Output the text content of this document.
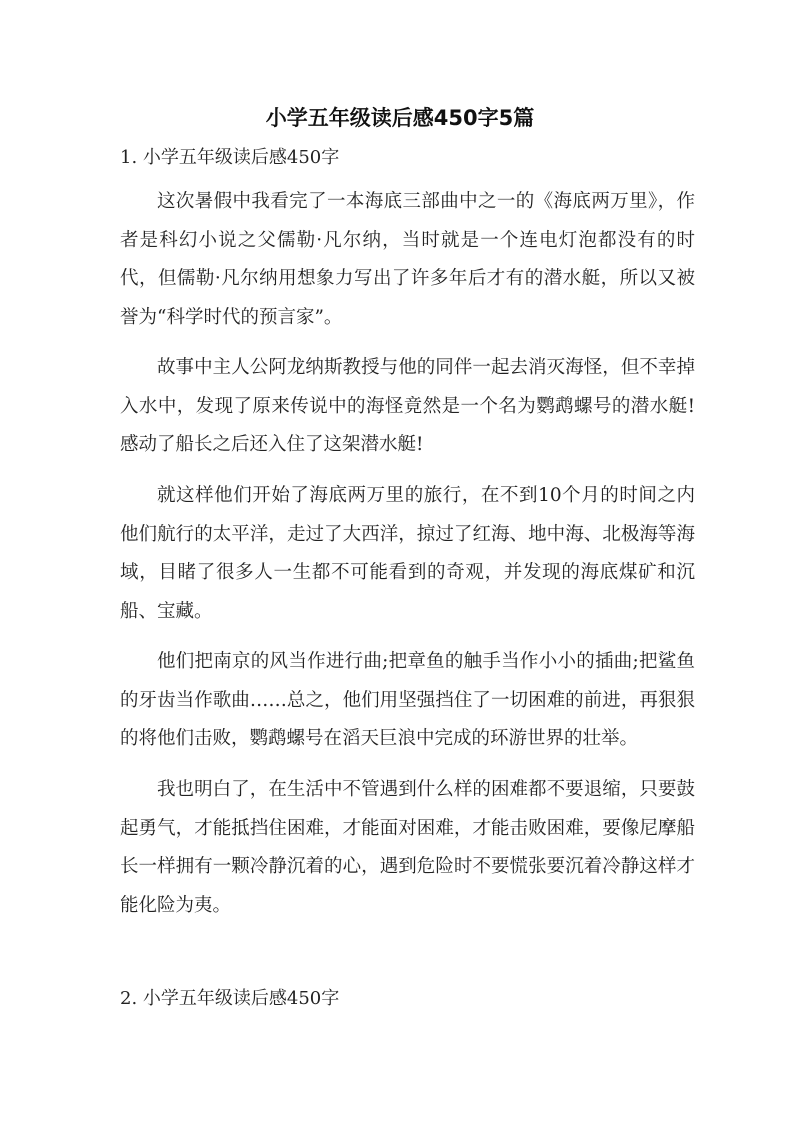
小学五年级读后感450字5篇
1. 小学五年级读后感450字

这次暑假中我看完了一本海底三部曲中之一的《海底两万里》，作者是科幻小说之父儒勒·凡尔纳，当时就是一个连电灯泡都没有的时代，但儒勒·凡尔纳用想象力写出了许多年后才有的潜水艇，所以又被誉为“科学时代的预言家”。

故事中主人公阿龙纳斯教授与他的同伴一起去消灭海怪，但不幸掉入水中，发现了原来传说中的海怪竟然是一个名为鹦鹉螺号的潜水艇!感动了船长之后还入住了这架潜水艇!

就这样他们开始了海底两万里的旅行，在不到10个月的时间之内他们航行的太平洋，走过了大西洋，掠过了红海、地中海、北极海等海域，目睹了很多人一生都不可能看到的奇观，并发现的海底煤矿和沉船、宝藏。

他们把南京的风当作进行曲;把章鱼的触手当作小小的插曲;把鲨鱼的牙齿当作歌曲……总之，他们用坚强挡住了一切困难的前进，再狠狠的将他们击败，鹦鹉螺号在滔天巨浪中完成的环游世界的壮举。

我也明白了，在生活中不管遇到什么样的困难都不要退缩，只要鼓起勇气，才能抵挡住困难，才能面对困难，才能击败困难，要像尼摩船长一样拥有一颗冷静沉着的心，遇到危险时不要慌张要沉着冷静这样才能化险为夷。

2. 小学五年级读后感450字
